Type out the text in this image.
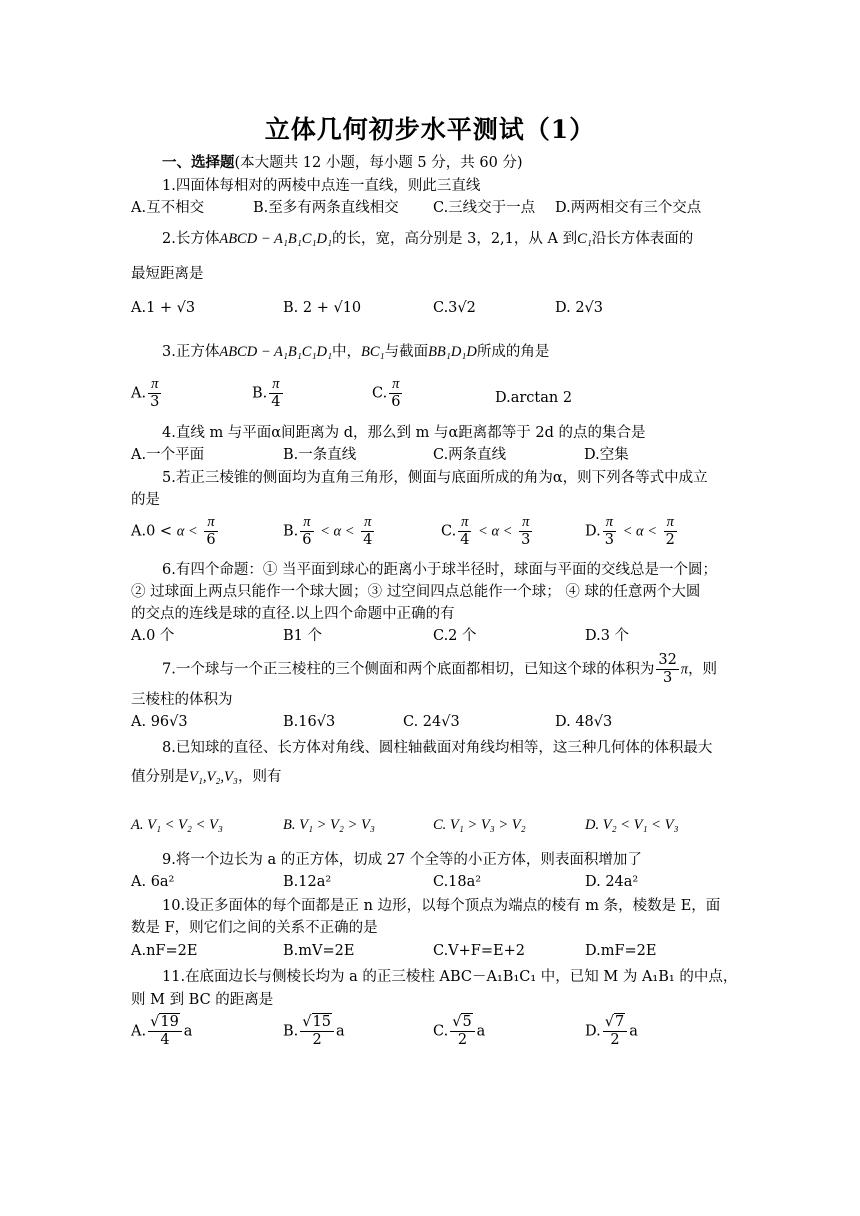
立体几何初步水平测试（1）
一、选择题(本大题共 12 小题，每小题 5 分，共 60 分)
1.四面体每相对的两棱中点连一直线，则此三直线
A.互不相交	B.至多有两条直线相交 C.三线交于一点 D.两两相交有三个交点
2.长方体ABCD − A₁B₁C₁D₁的长，宽，高分别是 3，2,1，从 A 到C₁沿长方体表面的
最短距离是
A.1 + √3	B. 2 + √10	C.3√2	D. 2√3
3.正方体ABCD − A₁B₁C₁D₁中，BC₁与截面BB₁D₁D所成的角是
A. $\frac{\pi}{3}$	B. $\frac{\pi}{4}$	C. $\frac{\pi}{6}$	D.arctan 2
4.直线 m 与平面α间距离为 d，那么到 m 与α距离都等于 2d 的点的集合是
A.一个平面	B.一条直线	C.两条直线	D.空集
5.若正三棱锥的侧面均为直角三角形，侧面与底面所成的角为α，则下列各等式中成立
的是
$A.0 < \alpha < \frac{\pi}{6}$	B. $\frac{\pi}{6} < \alpha < \frac{\pi}{4}$	C. $\frac{\pi}{4} < \alpha < \frac{\pi}{3}$	D. $\frac{\pi}{3} < \alpha < \frac{\pi}{2}$
6.有四个命题：① 当平面到球心的距离小于球半径时，球面与平面的交线总是一个圆；
② 过球面上两点只能作一个球大圆；③ 过空间四点总能作一个球； ④ 球的任意两个大圆
的交点的连线是球的直径.以上四个命题中正确的有
A.0 个	B1 个	C.2 个	D.3 个
7.一个球与一个正三棱柱的三个侧面和两个底面都相切，已知这个球的体积为 $\frac{32}{3}$ π，则
三棱柱的体积为
A. 96√3	B.16√3	C. 24√3	D. 48√3
8.已知球的直径、长方体对角线、圆柱轴截面对角线均相等，这三种几何体的体积最大
值分别是V₁,V₂,V₃，则有
A. V₁ < V₂ < V₃	B. V₁ > V₂ > V₃	C. V₁ > V₃ > V₂	D. V₂ < V₁ < V₃
9.将一个边长为 a 的正方体，切成 27 个全等的小正方体，则表面积增加了
A. 6a²	B.12a²	C.18a²	D. 24a²
10.设正多面体的每个面都是正 n 边形，以每个顶点为端点的棱有 m 条，棱数是 E，面
数是 F，则它们之间的关系不正确的是
A.nF=2E	B.mV=2E	C.V+F=E+2	D.mF=2E
11.在底面边长与侧棱长均为 a 的正三棱柱 ABC－A₁B₁C₁ 中，已知 M 为 A₁B₁ 的中点，
则 M 到 BC 的距离是
A. $\frac{√19}{4}$ a	B. $\frac{√15}{2}$ a	C. $\frac{√5}{2}$ a	D. $\frac{√7}{2}$ a
